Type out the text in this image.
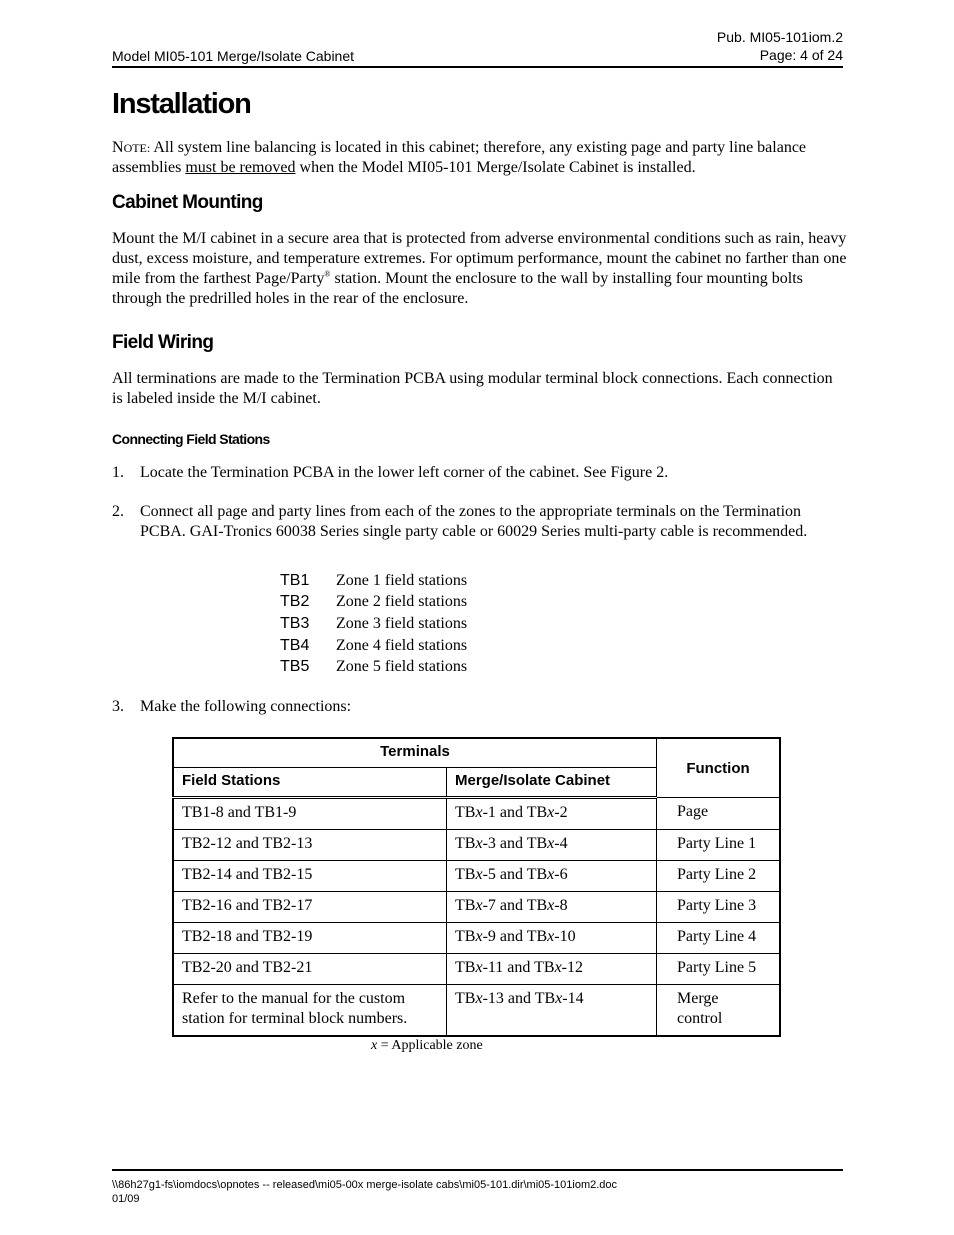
Model MI05-101 Merge/Isolate Cabinet
Pub. MI05-101iom.2
Page: 4 of 24
Installation

NOTE: All system line balancing is located in this cabinet; therefore, any existing page and party line balance assemblies must be removed when the Model MI05-101 Merge/Isolate Cabinet is installed.

Cabinet Mounting

Mount the M/I cabinet in a secure area that is protected from adverse environmental conditions such as rain, heavy dust, excess moisture, and temperature extremes. For optimum performance, mount the cabinet no farther than one mile from the farthest Page/Party® station. Mount the enclosure to the wall by installing four mounting bolts through the predrilled holes in the rear of the enclosure.

Field Wiring

All terminations are made to the Termination PCBA using modular terminal block connections. Each connection is labeled inside the M/I cabinet.

Connecting Field Stations
1. Locate the Termination PCBA in the lower left corner of the cabinet. See Figure 2.
2. Connect all page and party lines from each of the zones to the appropriate terminals on the Termination PCBA. GAI-Tronics 60038 Series single party cable or 60029 Series multi-party cable is recommended.
TB1 Zone 1 field stations
TB2 Zone 2 field stations
TB3 Zone 3 field stations
TB4 Zone 4 field stations
TB5 Zone 5 field stations
3. Make the following connections:
Terminals		Function
Field Stations	Merge/Isolate Cabinet	
TB1-8 and TB1-9	TBx-1 and TBx-2	Page
TB2-12 and TB2-13	TBx-3 and TBx-4	Party Line 1
TB2-14 and TB2-15	TBx-5 and TBx-6	Party Line 2
TB2-16 and TB2-17	TBx-7 and TBx-8	Party Line 3
TB2-18 and TB2-19	TBx-9 and TBx-10	Party Line 4
TB2-20 and TB2-21	TBx-11 and TBx-12	Party Line 5
Refer to the manual for the custom station for terminal block numbers.	TBx-13 and TBx-14	Merge control
x = Applicable zone
\\86h27g1-fs\iomdocs\opnotes -- released\mi05-00x merge-isolate cabs\mi05-101.dir\mi05-101iom2.doc
01/09
